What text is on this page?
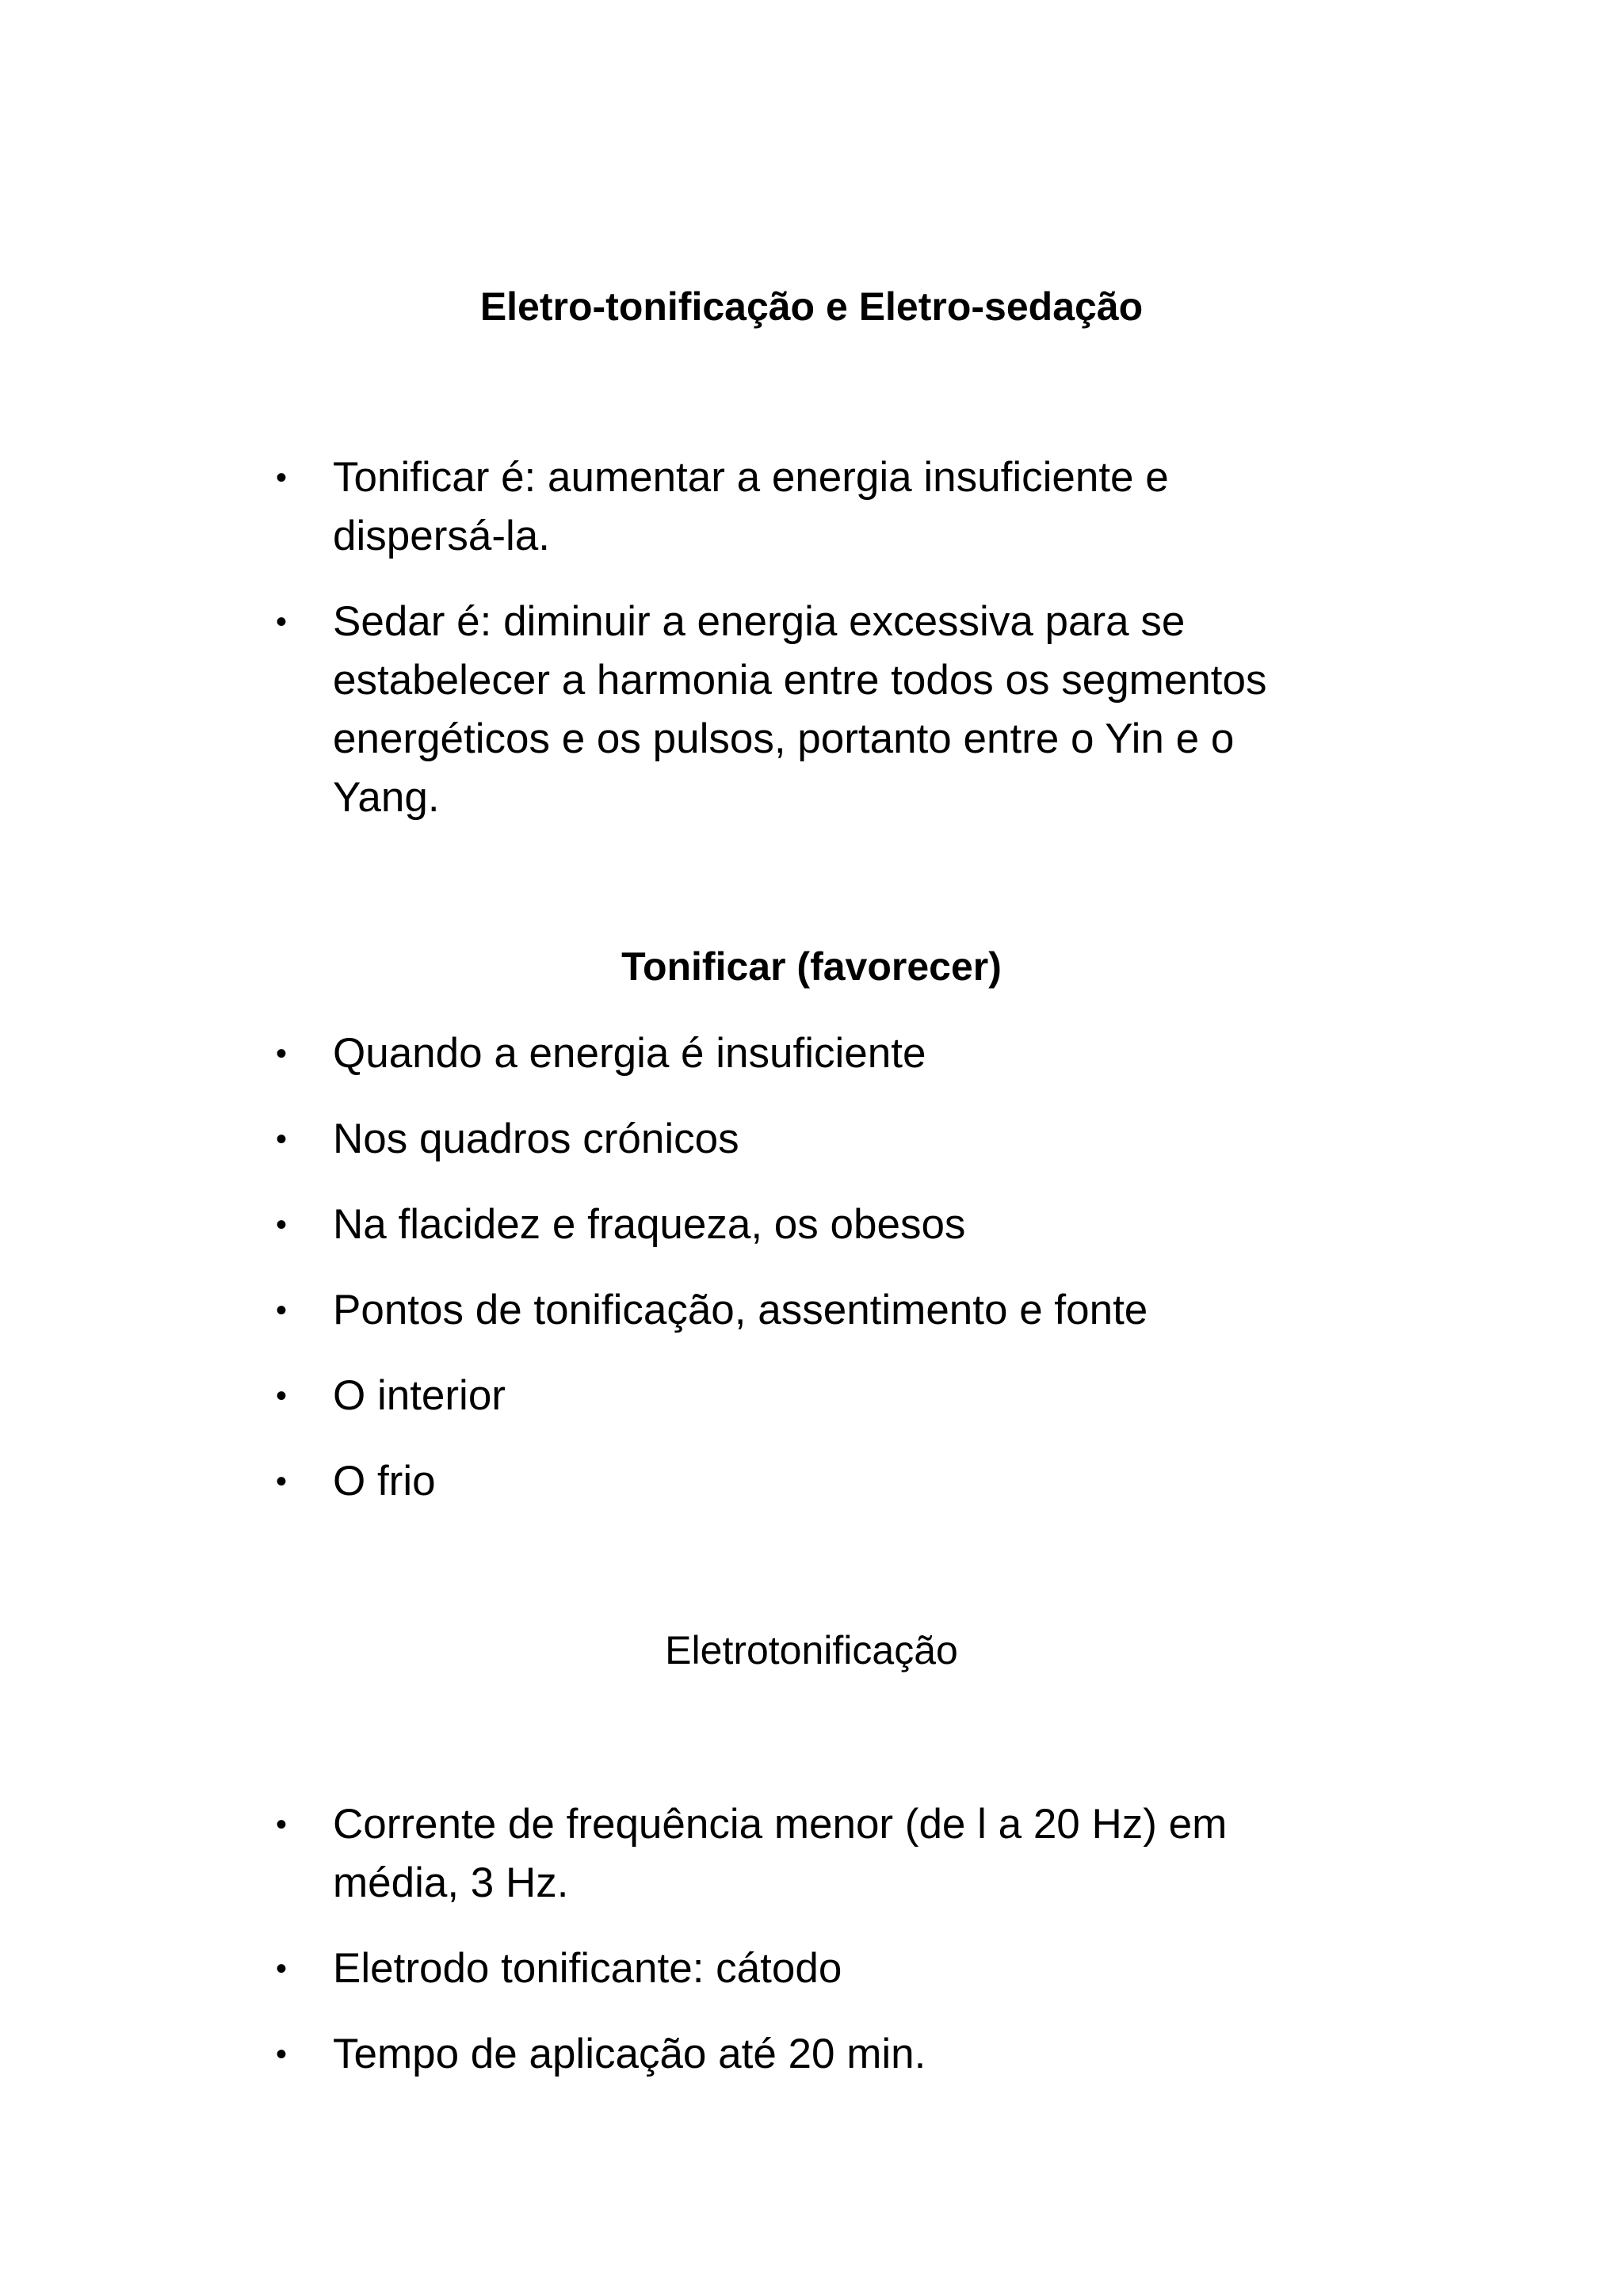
Eletro-tonificação e Eletro-sedação
•	Tonificar é: aumentar a energia insuficiente e dispersá-la.
•	Sedar é: diminuir a energia excessiva para se estabelecer a harmonia entre todos os segmentos energéticos e os pulsos, portanto entre o Yin e o Yang.
Tonificar (favorecer)
•	Quando a energia é insuficiente
•	Nos quadros crónicos
•	Na flacidez e fraqueza, os obesos
•	Pontos de tonificação, assentimento e fonte
•	O interior
•	O frio
Eletrotonificação
•	Corrente de frequência menor (de l a 20 Hz) em média, 3 Hz.
•	Eletrodo tonificante: cátodo
•	Tempo de aplicação até 20 min.
